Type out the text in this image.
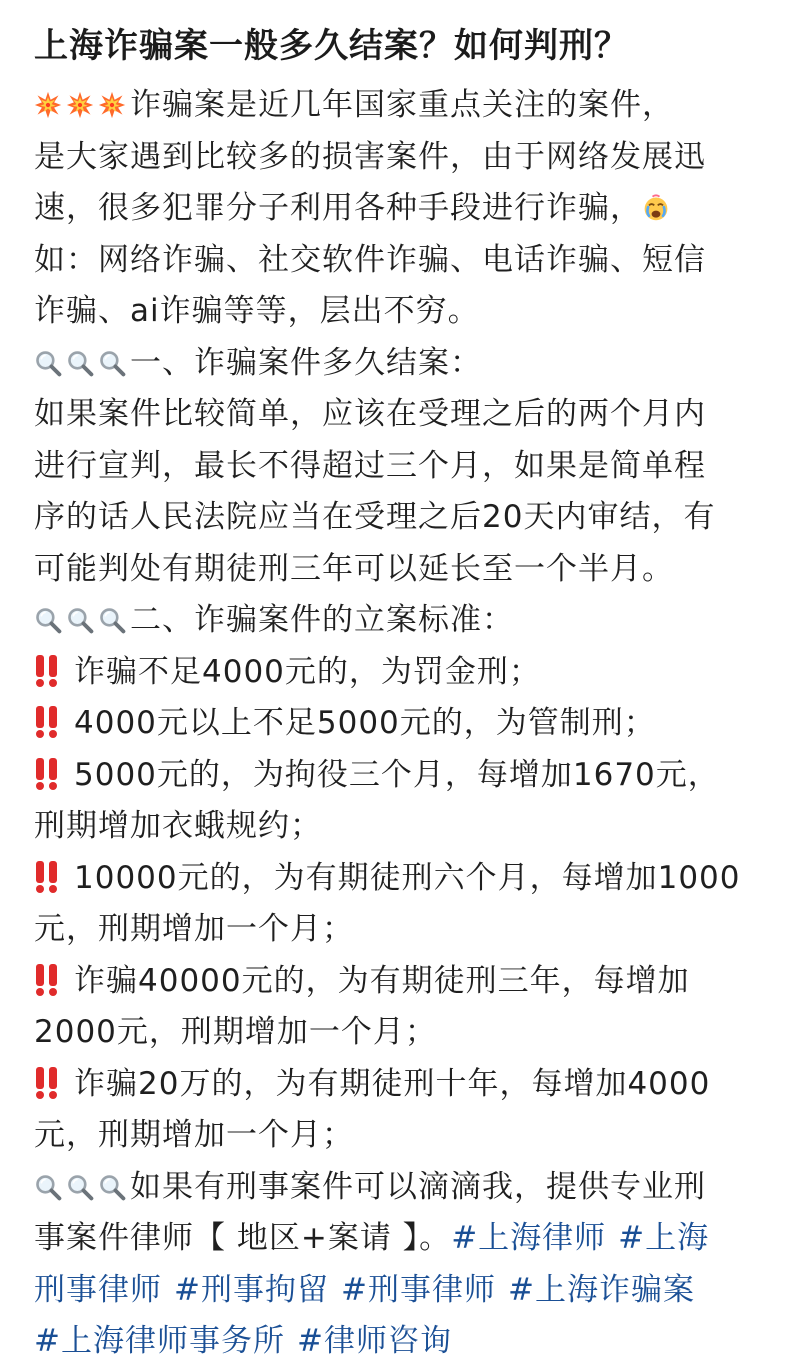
上海诈骗案一般多久结案？如何判刑？
诈骗案是近几年国家重点关注的案件，
是大家遇到比较多的损害案件，由于网络发展迅
速，很多犯罪分子利用各种手段进行诈骗，
如：网络诈骗、社交软件诈骗、电话诈骗、短信
诈骗、ai诈骗等等，层出不穷。
一、诈骗案件多久结案：
如果案件比较简单，应该在受理之后的两个月内
进行宣判，最长不得超过三个月，如果是简单程
序的话人民法院应当在受理之后20天内审结，有
可能判处有期徒刑三年可以延长至一个半月。
二、诈骗案件的立案标准：
诈骗不足4000元的，为罚金刑；
4000元以上不足5000元的，为管制刑；
5000元的，为拘役三个月，每增加1670元，
刑期增加衣蛾规约；
10000元的，为有期徒刑六个月，每增加1000
元，刑期增加一个月；
诈骗40000元的，为有期徒刑三年，每增加
2000元，刑期增加一个月；
诈骗20万的，为有期徒刑十年，每增加4000
元，刑期增加一个月；
如果有刑事案件可以滴滴我，提供专业刑
事案件律师【 地区+案请 】。#上海律师 #上海
刑事律师 #刑事拘留 #刑事律师 #上海诈骗案
#上海律师事务所 #律师咨询
